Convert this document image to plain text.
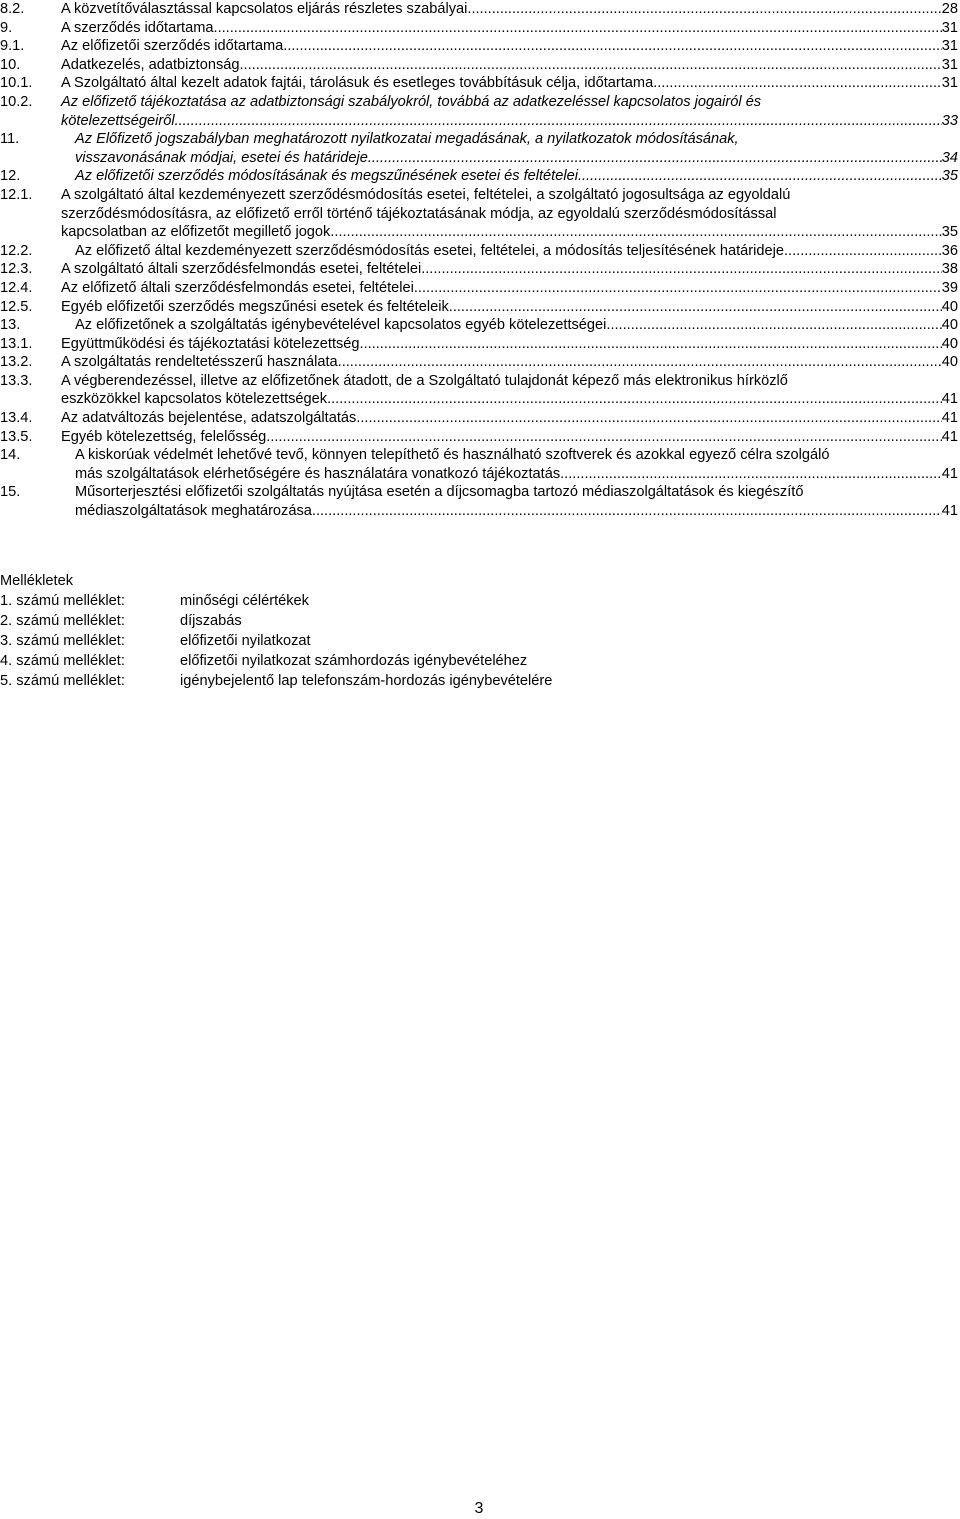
8.2.	A közvetítőválasztással kapcsolatos eljárás részletes szabályai .....	28
9.	A szerződés időtartama .....	31
9.1.	Az előfizetői szerződés időtartama .....	31
10.	Adatkezelés, adatbiztonság .....	31
10.1.	A Szolgáltató által kezelt adatok fajtái, tárolásuk és esetleges továbbításuk célja, időtartama .....	31
10.2.	Az előfizető tájékoztatása az adatbiztonsági szabályokról, továbbá az adatkezeléssel kapcsolatos jogairól és
kötelezettségeiről .....	33
11.	Az Előfizető jogszabályban meghatározott nyilatkozatai megadásának, a nyilatkozatok módosításának,
visszavonásának módjai, esetei és határideje .....	34
12.	Az előfizetői szerződés módosításának és megszűnésének esetei és feltételei .....	35
12.1.	A szolgáltató által kezdeményezett szerződésmódosítás esetei, feltételei, a szolgáltató jogosultsága az egyoldalú
szerződésmódosításra, az előfizető erről történő tájékoztatásának módja, az egyoldalú szerződésmódosítással
kapcsolatban az előfizetőt megillető jogok .....	35
12.2.	Az előfizető által kezdeményezett szerződésmódosítás esetei, feltételei, a módosítás teljesítésének határideje .....	36
12.3.	A szolgáltató általi szerződésfelmondás esetei, feltételei .....	38
12.4.	Az előfizető általi szerződésfelmondás esetei, feltételei .....	39
12.5.	Egyéb előfizetői szerződés megszűnési esetek és feltételeik .....	40
13.	Az előfizetőnek a szolgáltatás igénybevételével kapcsolatos egyéb kötelezettségei .....	40
13.1.	Együttműködési és tájékoztatási kötelezettség .....	40
13.2.	A szolgáltatás rendeltetésszerű használata .....	40
13.3.	A végberendezéssel, illetve az előfizetőnek átadott, de a Szolgáltató tulajdonát képező más elektronikus hírközlő
eszközökkel kapcsolatos kötelezettségek .....	41
13.4.	Az adatváltozás bejelentése, adatszolgáltatás .....	41
13.5.	Egyéb kötelezettség, felelősség .....	41
14.	A kiskorúak védelmét lehetővé tevő, könnyen telepíthető és használható szoftverek és azokkal egyező célra szolgáló
más szolgáltatások elérhetőségére és használatára vonatkozó tájékoztatás .....	41
15.	Műsorterjesztési előfizetői szolgáltatás nyújtása esetén a díjcsomagba tartozó médiaszolgáltatások és kiegészítő
médiaszolgáltatások meghatározása .....	41
Mellékletek
1. számú melléklet:	minőségi célértékek
2. számú melléklet:	díjszabás
3. számú melléklet:	előfizetői nyilatkozat
4. számú melléklet:	előfizetői nyilatkozat számhordozás igénybevételéhez
5. számú melléklet:	igénybejelentő lap telefonszám-hordozás igénybevételére
3
